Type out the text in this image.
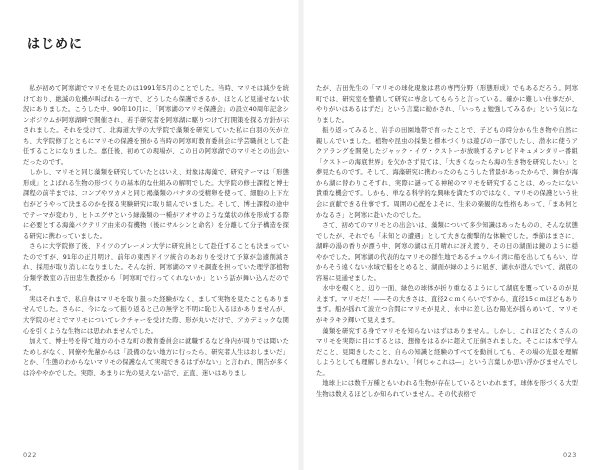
はじめに

私が初めて阿寒湖でマリモを見たのは1991年5月のことでした。当時、マリモは減少を続けており、絶滅の危機が叫ばれる一方で、どうしたら保護できるか、ほとんど見通せない状況にありました。こうした中、90年10月に、「阿寒湖のマリモ保護会」の設立40周年記念シンポジウムが阿寒湖畔で開催され、若手研究者を阿寒湖に駆りつけて打開策を探る方針が示されました。それを受けて、北海道大学の大学院で藻類を研究していた私に白羽の矢が立ち、大学院修了とともにマリモの保護を預かる当時の阿寒町教育委員会に学芸職員として赴任することになりました。嘉任後、初めての現場が、この日の阿寒湖でのマリモとの出会いだったのです。

しかし、マリモと同じ藻類を研究していたとはいえ、対象は海藻で、研究テーマは「形態形成」とよばれる生物の形づくりの基本的な仕組みの解明でした。大学院の修士課程と博士課程の前半までは、コンブやワカメと同じ褐藻類のバナタの受精卵を使って、細胞の上下左右がどうやって決まるのかを探る実験研究に取り組んでいました。そして、博士課程の途中でテーマが変わり、ヒトエグサという緑藻類の一種がアオサのような葉状の体を形成する際に必要とする海藻バクテリア由来の有機物（後にサルシンと命名）を分離して分子構造を探る研究に携わっていました。

さらに大学院修了後、ドイツのブレーメン大学に研究員として赴任することも決まっていたのですが、91年の正月明け、前年の東西ドイツ統合のあおりを受けて予算が急遽削減され、採用が取り消しになりました。そんな折、阿寒湖のマリモ調査を担っていた理学部植物分類学教室の吉田忠生教授から「阿寒町で行ってくれないか」という話が舞い込んだのです。

実はそれまで、私自身はマリモを取り扱った経験がなく、まして実物を見たこともありませんでした。さらに、今になって振り返ると己の無学と不明に恥じ入るほかありませんが、大学院のゼミでマリモについてレクチャーを受けた際、形が丸いだけで、アカデミックな関心を引くような生物には思われませんでした。

加えて、博士号を得て地方の小さな町の教育委員会に就職するなど身内が周りでは聞いたためしがなく、同僚や先輩からは「設備のない地方に行ったら、研究者人生はおしまいだ」とか、「生態のわからないマリモの保護なんて実現できるはずがない」と言われ、開告が多くは冷ややかでした。実際、あまりに先の見えない話で、正直、迷いはありまし

たが、吉田先生の「マリモの球化現象は君の専門分野（形態形成）でもあるだろう。阿寒町では、研究室を整備して研究に専念してもらうと言っている。確かに難しい仕事だが、やりがいはあるはずだ」という言葉に勧かされ、「いっちょ勉強してみるか」という気になりました。

振り返ってみると、岩手の田園地帯で育ったことで、子どもの時分から生き物や自然に親しんでいました。植物や昆虫の採集と標本づくりは遊びの一部でしたし、潜水に使うアクアラングを開発したジャック・イヴ・クストーが放映するテレビドキュメンタリー番組「クストーの海底世界」を欠かさず見ては、「大きくなったら海の生き物を研究したい」と夢見たものです。そして、海藻研究に携わったのもこうした背景があったからで、舞台が海から湖に替わりこそすれ、実際に謎ってる神秘のマリモを研究することは、めったにない貴重な機会です。しかも、単なる科学的な興味を満たすのではなく、マリモの保護という社会に貢献できる仕事です。周囲の心配をよそに、生来の楽観的な性格もあって、「まあ何とかなるさ」と阿寒に赴いたのでした。

さて、初めてのマリモとの出会いは、藻類について多少知識はあったものの、そんな状態でしたが、それでも「未知との遭遇」として大きな衝撃的な体験でした。季節はまさに、湖畔の湯の香りが漂う中、阿寒の湖は五月晴れに冴え渡り、その日の湖面は鏡のように穏やかでした。阿寒湖の代表的なマリモの群生地であるチュウルイ湾に船を出してもらい、岸からそう遠くない水域で船をとめると、湖面が緑のように凪ぎ、湖水が澄んでいて、湖底の容易に見通せました。

水中を覗くと、辺り一面、緑色の球体が折り重なるようにして湖底を覆っているのが見えます。マリモだ！——その大きさは、直径2ｃｍくらいですから、直径15ｃｍほどもあります。船が揺れて波立つ合間にマリモが見え、水中に差し込む陽光が揺らめいて、マリモがキラキラ輝いて見えます。

藻類を研究する身でマリモを知らないはずはありません。しかし、これほどたくさんのマリモを実際に目にするとは、想像をはるかに超えて圧倒されました。そこには本で学んだこと、見聞きしたこと、自らの知識と経験のすべてを動員しても、その場の光景を理解しようとしても理解しきれない、「何じゃこれは―」という言葉しか思い浮かびませんでした。

地球上には数千万種ともいわれる生物が存在しているといわれます。球体を形づくる大型生物は数えるほどしか知られていません。その代表格で

022	023
